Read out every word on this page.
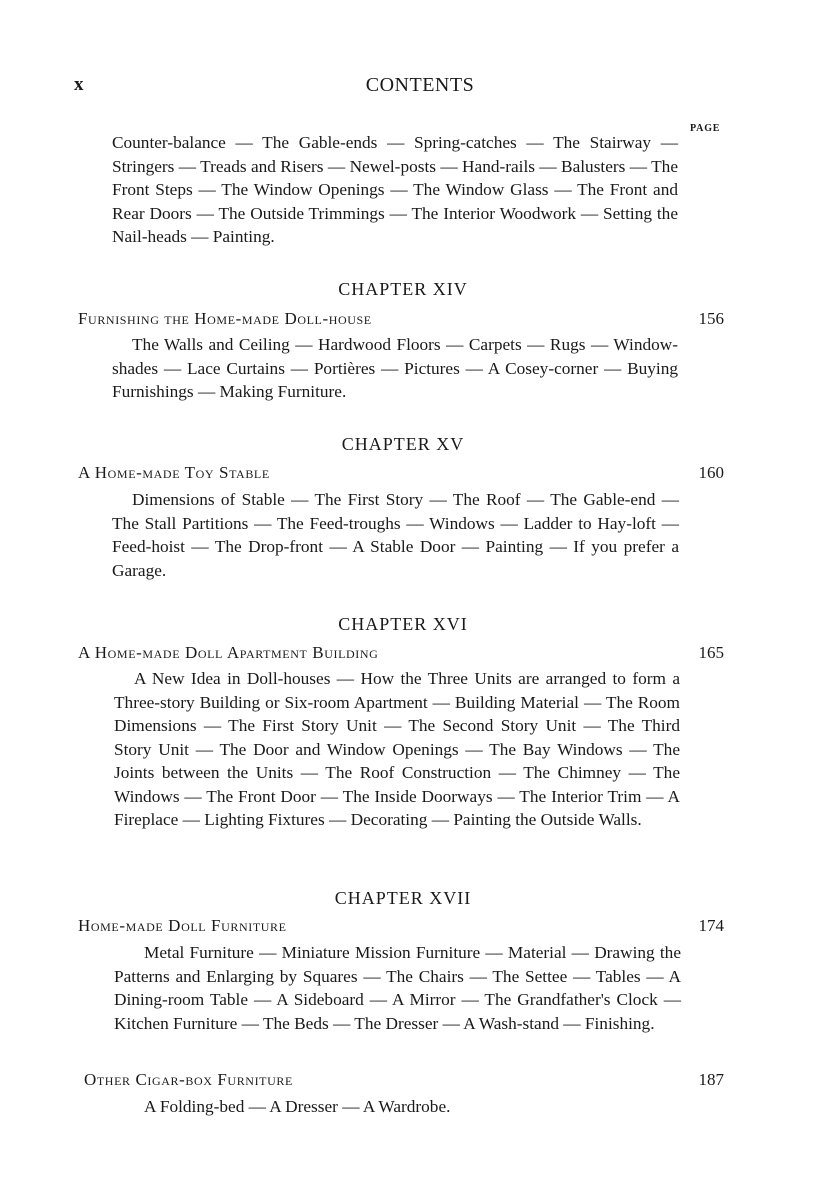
x	CONTENTS
PAGE
Counter-balance — The Gable-ends — Spring-catches — The Stairway — Stringers — Treads and Risers — Newel-posts — Hand-rails — Balusters — The Front Steps — The Window Openings — The Window Glass — The Front and Rear Doors — The Outside Trimmings — The Interior Woodwork — Setting the Nail-heads — Painting.
CHAPTER XIV
Furnishing the Home-made Doll-house	156
The Walls and Ceiling — Hardwood Floors — Carpets — Rugs — Window-shades — Lace Curtains — Portières — Pictures — A Cosey-corner — Buying Furnishings — Making Furniture.
CHAPTER XV
A Home-made Toy Stable	160
Dimensions of Stable — The First Story — The Roof — The Gable-end — The Stall Partitions — The Feed-troughs — Windows — Ladder to Hay-loft — Feed-hoist — The Drop-front — A Stable Door — Painting — If you prefer a Garage.
CHAPTER XVI
A Home-made Doll Apartment Building	165
A New Idea in Doll-houses — How the Three Units are arranged to form a Three-story Building or Six-room Apartment — Building Material — The Room Dimensions — The First Story Unit — The Second Story Unit — The Third Story Unit — The Door and Window Openings — The Bay Windows — The Joints between the Units — The Roof Construction — The Chimney — The Windows — The Front Door — The Inside Doorways — The Interior Trim — A Fireplace — Lighting Fixtures — Decorating — Painting the Outside Walls.
CHAPTER XVII
Home-made Doll Furniture	174
Metal Furniture — Miniature Mission Furniture — Material — Drawing the Patterns and Enlarging by Squares — The Chairs — The Settee — Tables — A Dining-room Table — A Sideboard — A Mirror — The Grandfather's Clock — Kitchen Furniture — The Beds — The Dresser — A Wash-stand — Finishing.
Other Cigar-box Furniture	187
A Folding-bed — A Dresser — A Wardrobe.
